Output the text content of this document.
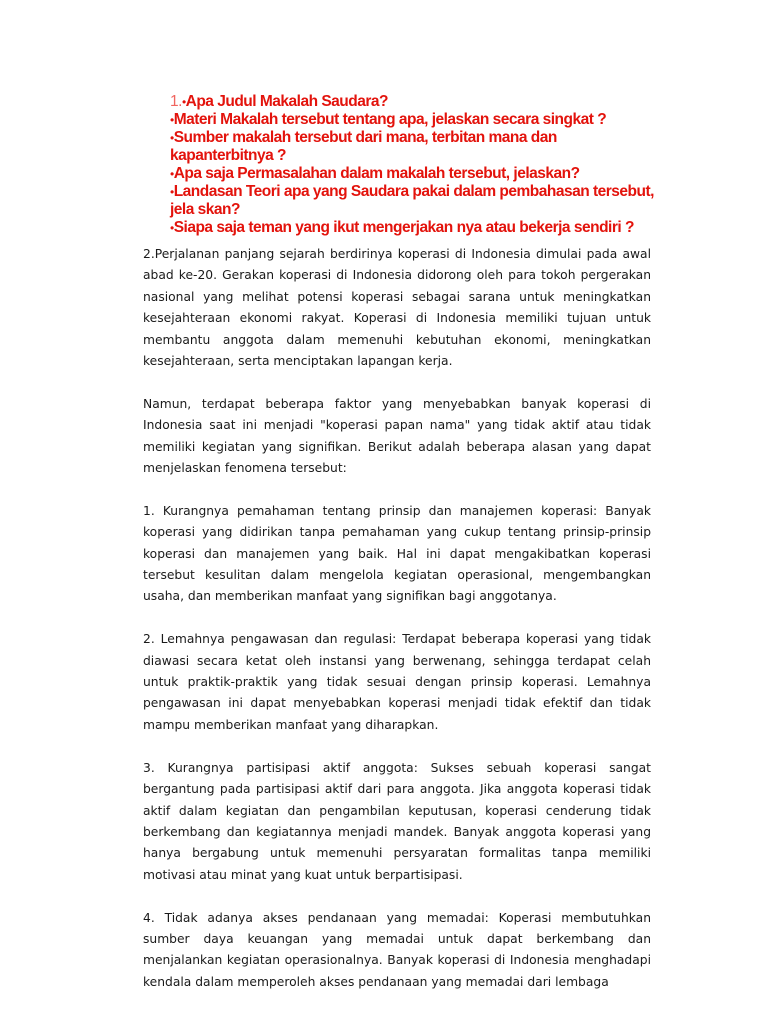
1.•Apa Judul Makalah Saudara?

•Materi Makalah tersebut tentang apa, jelaskan secara singkat ?

•Sumber makalah tersebut dari mana, terbitan mana dan kapanterbitnya ?

•Apa saja Permasalahan dalam makalah tersebut, jelaskan?

•Landasan Teori apa yang Saudara pakai dalam pembahasan tersebut, jela skan?

•Siapa saja teman yang ikut mengerjakan nya atau bekerja sendiri ?

2.Perjalanan panjang sejarah berdirinya koperasi di Indonesia dimulai pada awal abad ke-20. Gerakan koperasi di Indonesia didorong oleh para tokoh pergerakan nasional yang melihat potensi koperasi sebagai sarana untuk meningkatkan kesejahteraan ekonomi rakyat. Koperasi di Indonesia memiliki tujuan untuk membantu anggota dalam memenuhi kebutuhan ekonomi, meningkatkan kesejahteraan, serta menciptakan lapangan kerja.

Namun, terdapat beberapa faktor yang menyebabkan banyak koperasi di Indonesia saat ini menjadi "koperasi papan nama" yang tidak aktif atau tidak memiliki kegiatan yang signifikan. Berikut adalah beberapa alasan yang dapat menjelaskan fenomena tersebut:

1. Kurangnya pemahaman tentang prinsip dan manajemen koperasi: Banyak koperasi yang didirikan tanpa pemahaman yang cukup tentang prinsip-prinsip koperasi dan manajemen yang baik. Hal ini dapat mengakibatkan koperasi tersebut kesulitan dalam mengelola kegiatan operasional, mengembangkan usaha, dan memberikan manfaat yang signifikan bagi anggotanya.

2. Lemahnya pengawasan dan regulasi: Terdapat beberapa koperasi yang tidak diawasi secara ketat oleh instansi yang berwenang, sehingga terdapat celah untuk praktik-praktik yang tidak sesuai dengan prinsip koperasi. Lemahnya pengawasan ini dapat menyebabkan koperasi menjadi tidak efektif dan tidak mampu memberikan manfaat yang diharapkan.

3. Kurangnya partisipasi aktif anggota: Sukses sebuah koperasi sangat bergantung pada partisipasi aktif dari para anggota. Jika anggota koperasi tidak aktif dalam kegiatan dan pengambilan keputusan, koperasi cenderung tidak berkembang dan kegiatannya menjadi mandek. Banyak anggota koperasi yang hanya bergabung untuk memenuhi persyaratan formalitas tanpa memiliki motivasi atau minat yang kuat untuk berpartisipasi.

4. Tidak adanya akses pendanaan yang memadai: Koperasi membutuhkan sumber daya keuangan yang memadai untuk dapat berkembang dan menjalankan kegiatan operasionalnya. Banyak koperasi di Indonesia menghadapi kendala dalam memperoleh akses pendanaan yang memadai dari lembaga
